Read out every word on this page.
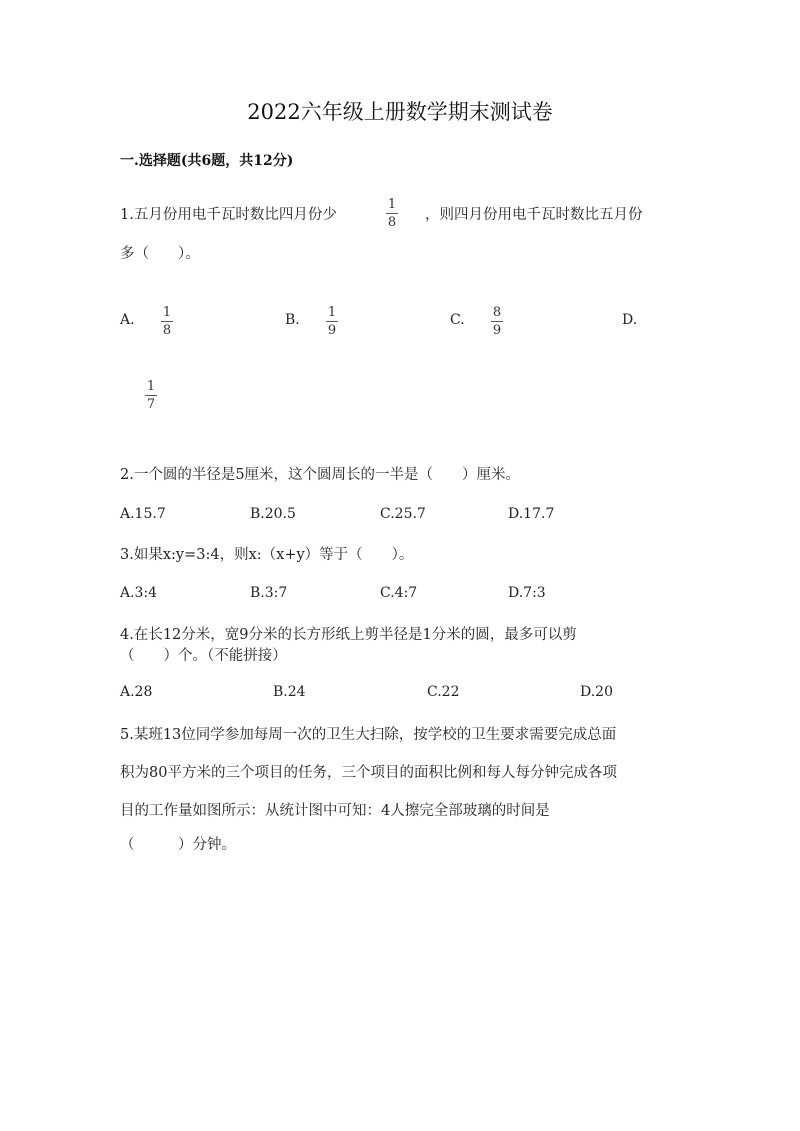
2022六年级上册数学期末测试卷
一.选择题(共6题，共12分)
1.五月份用电千瓦时数比四月份少
1
8 ，则四月份用电千瓦时数比五月份
多（　　）。
A. 1
8
B. 1
9
C. 8
9
D.
1
7
2.一个圆的半径是5厘米，这个圆周长的一半是（　　）厘米。
A.15.7	B.20.5	C.25.7	D.17.7
3.如果x:y=3:4，则x:（x+y）等于（　　）。
A.3:4	B.3:7	C.4:7	D.7:3
4.在长12分米，宽9分米的长方形纸上剪半径是1分米的圆，最多可以剪
（　　）个。（不能拼接）
A.28	B.24	C.22	D.20
5.某班13位同学参加每周一次的卫生大扫除，按学校的卫生要求需要完成总面
积为80平方米的三个项目的任务，三个项目的面积比例和每人每分钟完成各项
目的工作量如图所示：从统计图中可知：4人擦完全部玻璃的时间是
（　　　）分钟。
